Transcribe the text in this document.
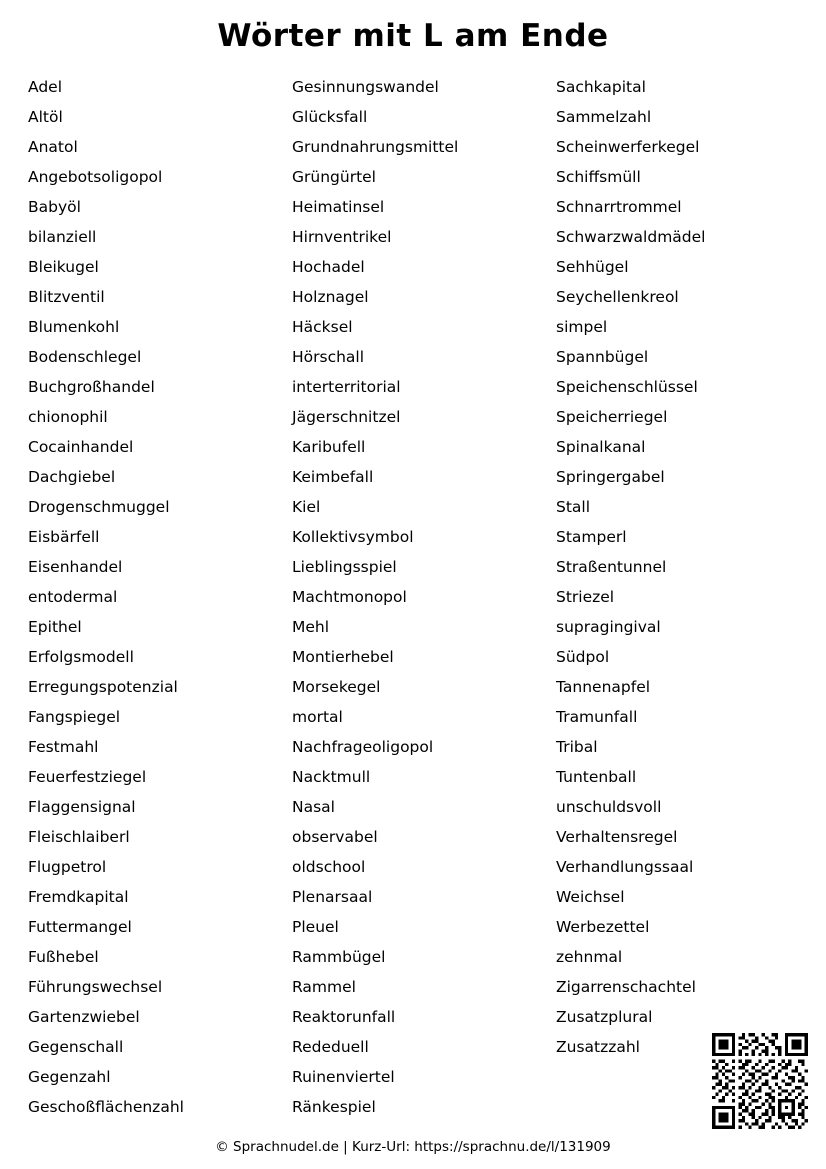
Wörter mit L am Ende
Adel
Altöl
Anatol
Angebotsoligopol
Babyöl
bilanziell
Bleikugel
Blitzventil
Blumenkohl
Bodenschlegel
Buchgroßhandel
chionophil
Cocainhandel
Dachgiebel
Drogenschmuggel
Eisbärfell
Eisenhandel
entodermal
Epithel
Erfolgsmodell
Erregungspotenzial
Fangspiegel
Festmahl
Feuerfestziegel
Flaggensignal
Fleischlaiberl
Flugpetrol
Fremdkapital
Futtermangel
Fußhebel
Führungswechsel
Gartenzwiebel
Gegenschall
Gegenzahl
Geschoßflächenzahl
Gesinnungswandel
Glücksfall
Grundnahrungsmittel
Grüngürtel
Heimatinsel
Hirnventrikel
Hochadel
Holznagel
Häcksel
Hörschall
interterritorial
Jägerschnitzel
Karibufell
Keimbefall
Kiel
Kollektivsymbol
Lieblingsspiel
Machtmonopol
Mehl
Montierhebel
Morsekegel
mortal
Nachfrageoligopol
Nacktmull
Nasal
observabel
oldschool
Plenarsaal
Pleuel
Rammbügel
Rammel
Reaktorunfall
Rededuell
Ruinenviertel
Ränkespiel
Sachkapital
Sammelzahl
Scheinwerferkegel
Schiffsmüll
Schnarrtrommel
Schwarzwaldmädel
Sehhügel
Seychellenkreol
simpel
Spannbügel
Speichenschlüssel
Speicherriegel
Spinalkanal
Springergabel
Stall
Stamperl
Straßentunnel
Striezel
supragingival
Südpol
Tannenapfel
Tramunfall
Tribal
Tuntenball
unschuldsvoll
Verhaltensregel
Verhandlungssaal
Weichsel
Werbezettel
zehnmal
Zigarrenschachtel
Zusatzplural
Zusatzzahl
© Sprachnudel.de | Kurz-Url: https://sprachnu.de/l/131909
